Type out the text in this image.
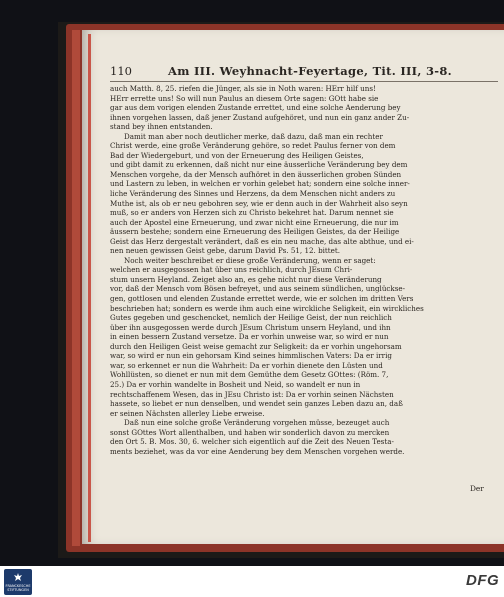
110	Am III. Weyhnacht-Feyertage, Tit. III, 3-8.
auch Matth. 8, 25. riefen die Jünger, als sie in Noth waren: HErr hilf uns!
HErr errette uns! So will nun Paulus an diesem Orte sagen: GOtt habe sie
gar aus dem vorigen elenden Zustande errettet, und eine solche Aenderung bey
ihnen vorgehen lassen, daß jener Zustand aufgehöret, und nun ein ganz ander Zu-
stand bey ihnen entstanden.
Damit man aber noch deutlicher merke, daß dazu, daß man ein rechter
Christ werde, eine große Veränderung gehöre, so redet Paulus ferner von dem
Bad der Wiedergeburt, und von der Erneuerung des Heiligen Geistes,
und gibt damit zu erkennen, daß nicht nur eine äusserliche Veränderung bey dem
Menschen vorgehe, da der Mensch aufhöret in den äusserlichen groben Sünden
und Lastern zu leben, in welchen er vorhin gelebet hat; sondern eine solche inner-
liche Veränderung des Sinnes und Herzens, da dem Menschen nicht anders zu
Muthe ist, als ob er neu gebohren sey, wie er denn auch in der Wahrheit also seyn
muß, so er anders von Herzen sich zu Christo bekehret hat. Darum nennet sie
auch der Apostel eine Erneuerung, und zwar nicht eine Erneuerung, die nur im
äussern bestehe; sondern eine Erneuerung des Heiligen Geistes, da der Heilige
Geist das Herz dergestalt verändert, daß es ein neu mache, das alte abthue, und ei-
nen neuen gewissen Geist gebe, darum David Ps. 51, 12. bittet.
Noch weiter beschreibet er diese große Veränderung, wenn er saget:
welchen er ausgegossen hat über uns reichlich, durch JEsum Chri-
stum unsern Heyland. Zeiget also an, es gehe nicht nur diese Veränderung
vor, daß der Mensch vom Bösen befreyet, und aus seinem sündlichen, unglückse-
gen, gottlosen und elenden Zustande errettet werde, wie er solchen im dritten Vers
beschrieben hat; sondern es werde ihm auch eine wirckliche Seligkeit, ein wirckliches
Gutes gegeben und geschencket, nemlich der Heilige Geist, der nun reichlich
über ihn ausgegossen werde durch JEsum Christum unsern Heyland, und ihn
in einen bessern Zustand versetze. Da er vorhin unweise war, so wird er nun
durch den Heiligen Geist weise gemacht zur Seligkeit: da er vorhin ungehorsam
war, so wird er nun ein gehorsam Kind seines himmlischen Vaters: Da er irrig
war, so erkennet er nun die Wahrheit: Da er vorhin dienete den Lüsten und
Wohllüsten, so dienet er nun mit dem Gemüthe dem Gesetz GOttes: (Röm. 7,
25.) Da er vorhin wandelte in Bosheit und Neid, so wandelt er nun in
rechtschaffenem Wesen, das in JEsu Christo ist: Da er vorhin seinen Nächsten
hassete, so liebet er nun denselben, und wendet sein ganzes Leben dazu an, daß
er seinen Nächsten allerley Liebe erweise.
Daß nun eine solche große Veränderung vorgehen müsse, bezeuget auch
sonst GOttes Wort allenthalben, und haben wir sonderlich davon zu mercken
den Ort 5. B. Mos. 30, 6. welcher sich eigentlich auf die Zeit des Neuen Testa-
ments beziehet, was da vor eine Aenderung bey dem Menschen vorgehen werde.
Der
FRANCKESCHE STIFTUNGEN
DFG
